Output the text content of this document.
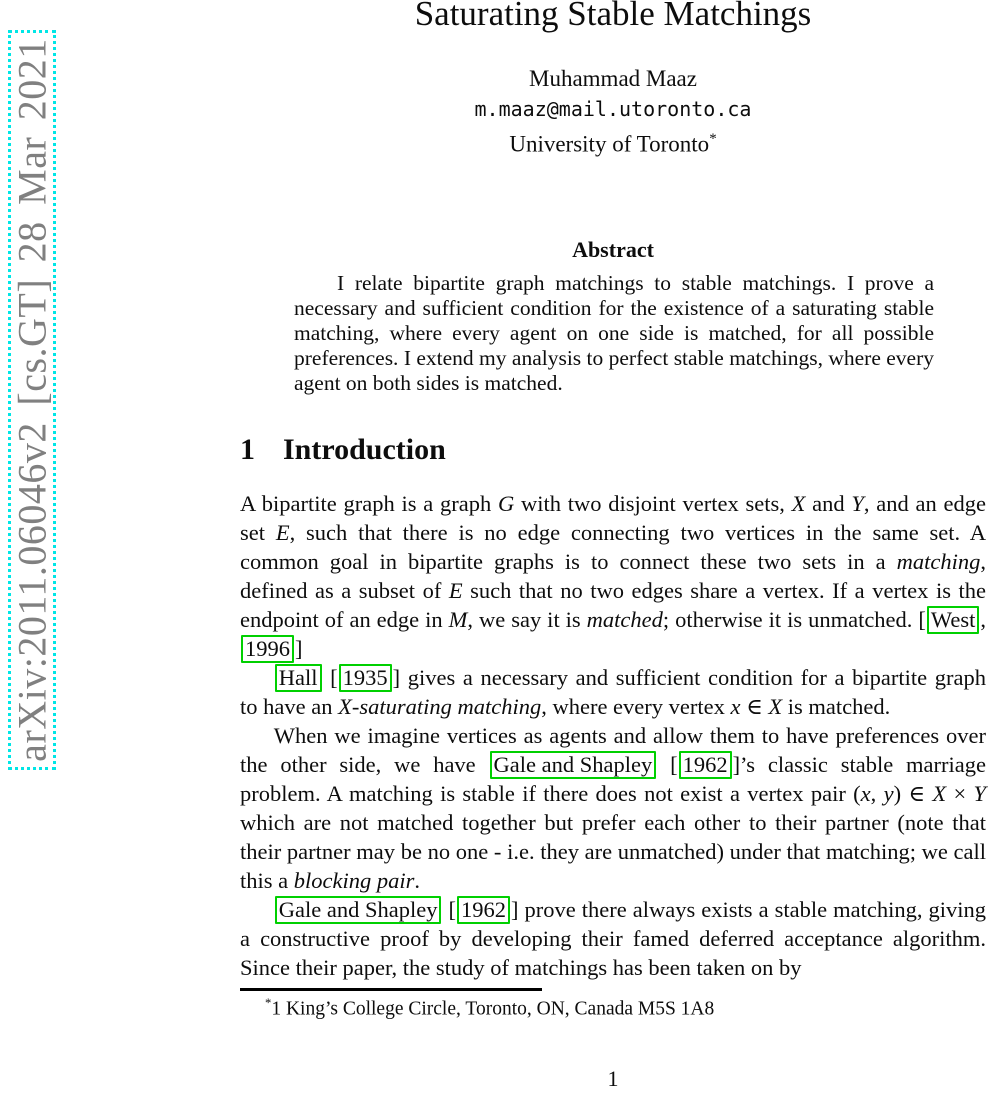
arXiv:2011.06046v2 [cs.GT] 28 Mar 2021
Saturating Stable Matchings
Muhammad Maaz
m.maaz@mail.utoronto.ca
University of Toronto*
Abstract

I relate bipartite graph matchings to stable matchings. I prove a necessary and sufficient condition for the existence of a saturating stable matching, where every agent on one side is matched, for all possible preferences. I extend my analysis to perfect stable matchings, where every agent on both sides is matched.

1 Introduction

A bipartite graph is a graph G with two disjoint vertex sets, X and Y, and an edge set E, such that there is no edge connecting two vertices in the same set. A common goal in bipartite graphs is to connect these two sets in a matching, defined as a subset of E such that no two edges share a vertex. If a vertex is the endpoint of an edge in M, we say it is matched; otherwise it is unmatched. [ West , 1996 ]

Hall [ 1935 ] gives a necessary and sufficient condition for a bipartite graph to have an X-saturating matching, where every vertex x ∈ X is matched.

When we imagine vertices as agents and allow them to have preferences over the other side, we have Gale and Shapley [ 1962 ]’s classic stable marriage problem. A matching is stable if there does not exist a vertex pair (x, y) ∈ X × Y which are not matched together but prefer each other to their partner (note that their partner may be no one - i.e. they are unmatched) under that matching; we call this a blocking pair.

Gale and Shapley [ 1962 ] prove there always exists a stable matching, giving a constructive proof by developing their famed deferred acceptance algorithm. Since their paper, the study of matchings has been taken on by

*1 King’s College Circle, Toronto, ON, Canada M5S 1A8

1
